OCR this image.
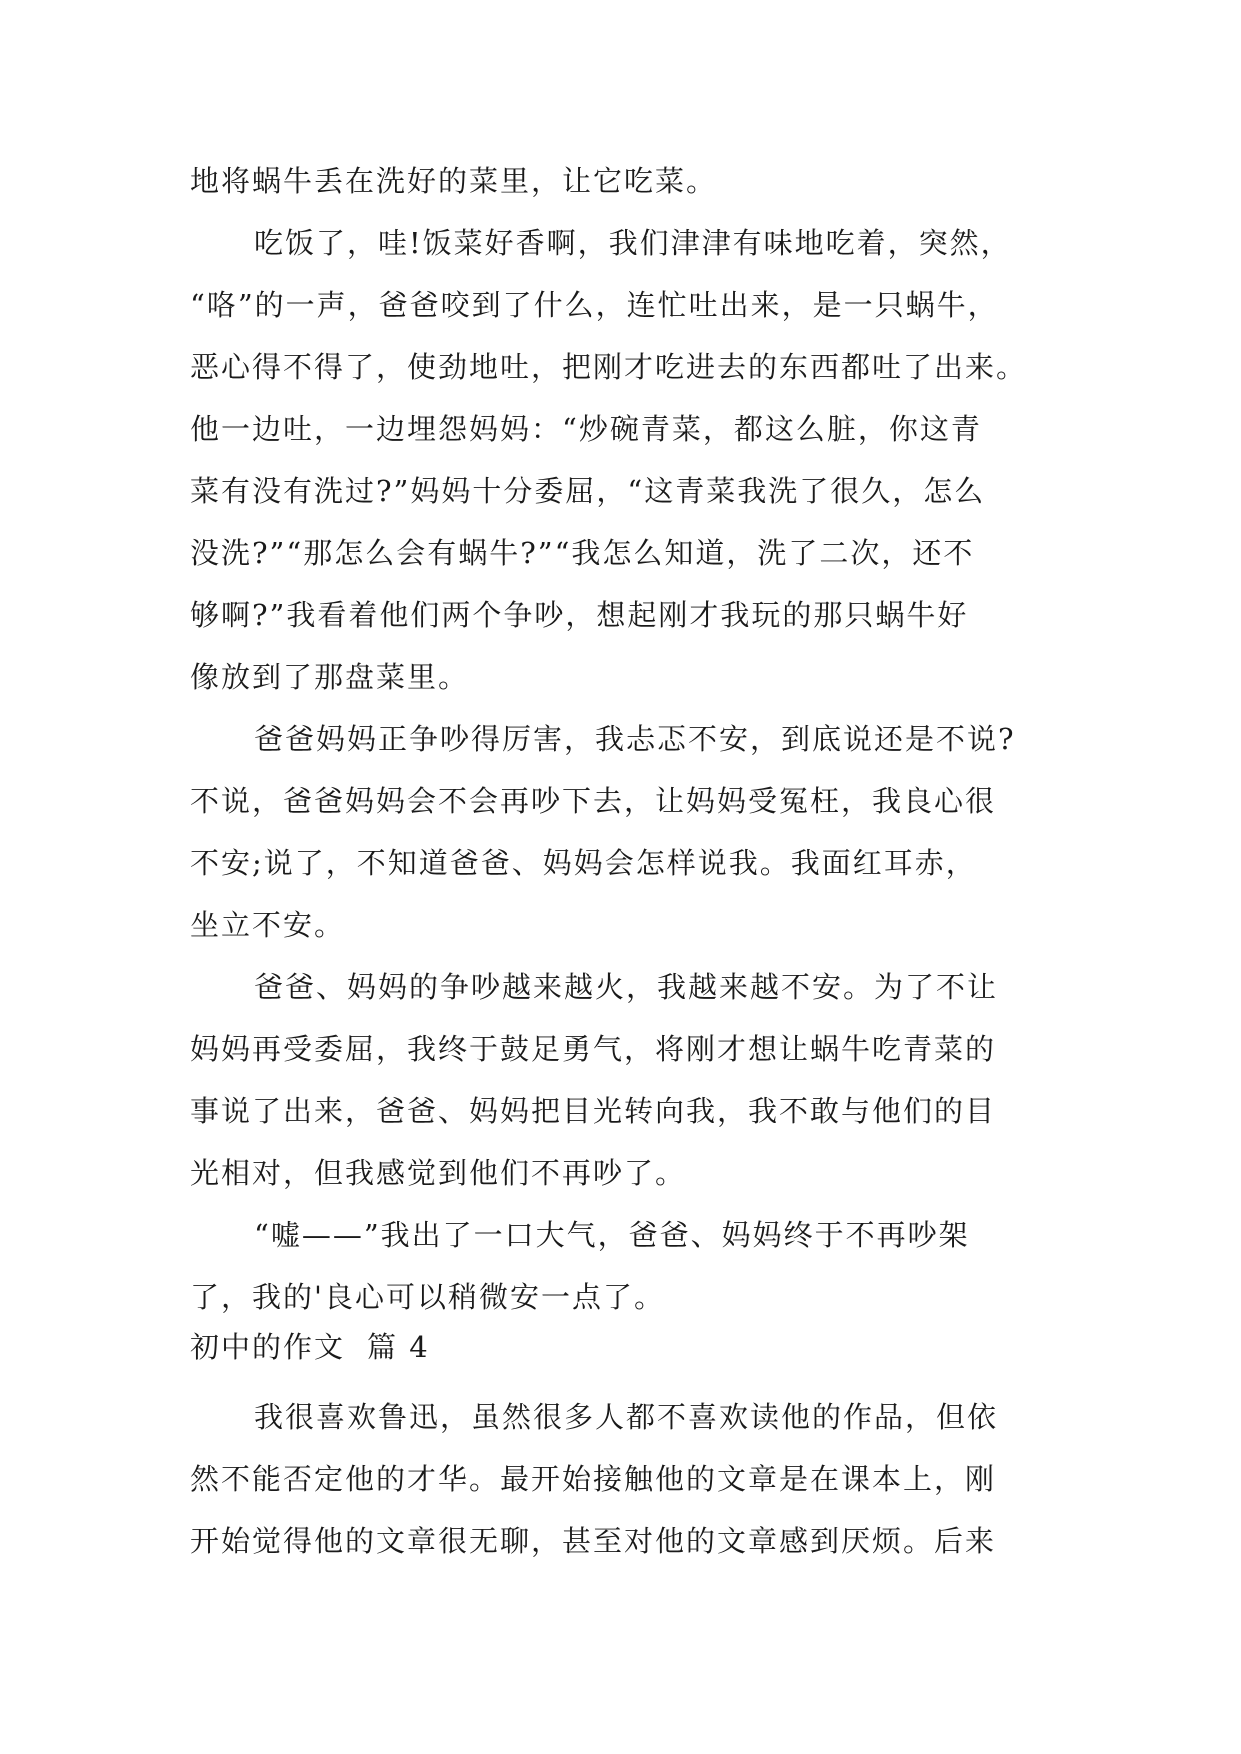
地将蜗牛丢在洗好的菜里，让它吃菜。
吃饭了，哇!饭菜好香啊，我们津津有味地吃着，突然，
“咯”的一声，爸爸咬到了什么，连忙吐出来，是一只蜗牛，
恶心得不得了，使劲地吐，把刚才吃进去的东西都吐了出来。
他一边吐，一边埋怨妈妈：“炒碗青菜，都这么脏，你这青
菜有没有洗过?”妈妈十分委屈，“这青菜我洗了很久，怎么
没洗?”“那怎么会有蜗牛?”“我怎么知道，洗了二次，还不
够啊?”我看着他们两个争吵，想起刚才我玩的那只蜗牛好
像放到了那盘菜里。
爸爸妈妈正争吵得厉害，我忐忑不安，到底说还是不说?
不说，爸爸妈妈会不会再吵下去，让妈妈受冤枉，我良心很
不安;说了，不知道爸爸、妈妈会怎样说我。我面红耳赤，
坐立不安。
爸爸、妈妈的争吵越来越火，我越来越不安。为了不让
妈妈再受委屈，我终于鼓足勇气，将刚才想让蜗牛吃青菜的
事说了出来，爸爸、妈妈把目光转向我，我不敢与他们的目
光相对，但我感觉到他们不再吵了。
“嘘——”我出了一口大气，爸爸、妈妈终于不再吵架
了，我的'良心可以稍微安一点了。
初中的作文 篇 4
我很喜欢鲁迅，虽然很多人都不喜欢读他的作品，但依
然不能否定他的才华。最开始接触他的文章是在课本上，刚
开始觉得他的文章很无聊，甚至对他的文章感到厌烦。后来
